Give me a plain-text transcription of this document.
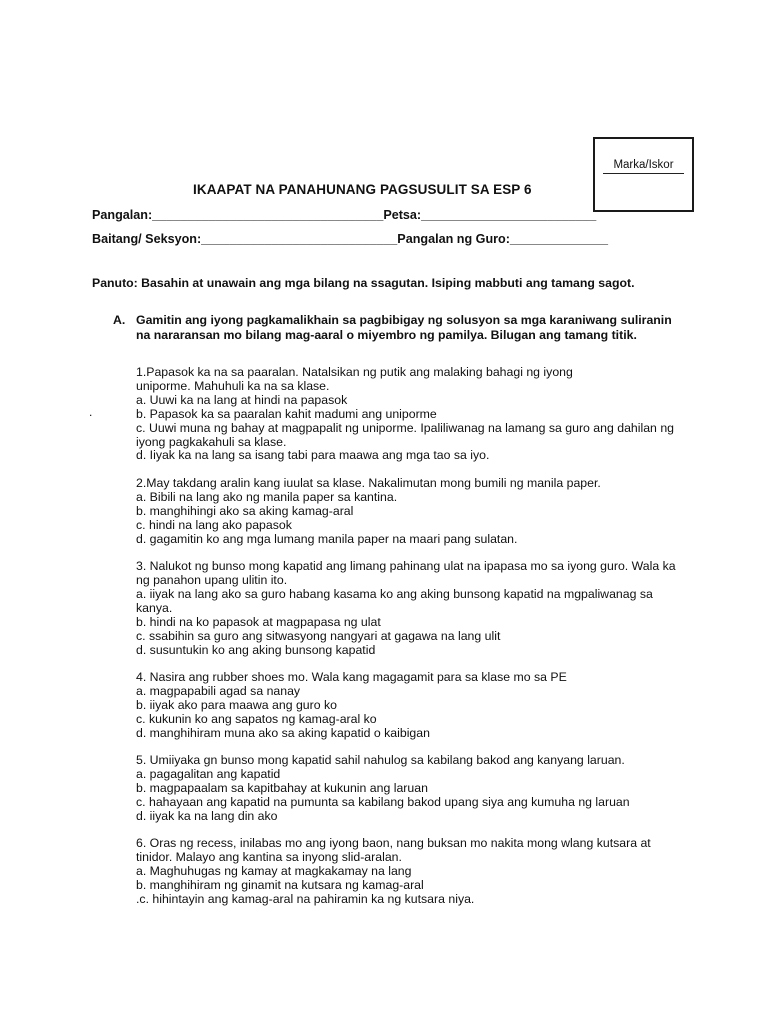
Marka/Iskor
IKAAPAT NA PANAHUNANG PAGSUSULIT SA ESP 6
Pangalan:_________________________________Petsa:_________________________
Baitang/ Seksyon:____________________________Pangalan ng Guro:______________
Panuto: Basahin at unawain ang mga bilang na ssagutan. Isiping mabbuti ang tamang sagot.
A. Gamitin ang iyong pagkamalikhain sa pagbibigay ng solusyon sa mga karaniwang suliranin na nararansan mo bilang mag-aaral o miyembro ng pamilya. Bilugan ang tamang titik.
.
1.Papasok ka na sa paaralan. Natalsikan ng putik ang malaking bahagi ng iyong
uniporme. Mahuhuli ka na sa klase.
a. Uuwi ka na lang at hindi na papasok
b. Papasok ka sa paaralan kahit madumi ang uniporme
c. Uuwi muna ng bahay at magpapalit ng uniporme. Ipaliliwanag na lamang sa guro ang dahilan ng iyong pagkakahuli sa klase.
d. Iiyak ka na lang sa isang tabi para maawa ang mga tao sa iyo.
2.May takdang aralin kang iuulat sa klase. Nakalimutan mong bumili ng manila paper.
a. Bibili na lang ako ng manila paper sa kantina.
b. manghihingi ako sa aking kamag-aral
c. hindi na lang ako papasok
d. gagamitin ko ang mga lumang manila paper na maari pang sulatan.
3. Nalukot ng bunso mong kapatid ang limang pahinang ulat na ipapasa mo sa iyong guro. Wala ka ng panahon upang ulitin ito.
a. iiyak na lang ako sa guro habang kasama ko ang aking bunsong kapatid na mgpaliwanag sa kanya.
b. hindi na ko papasok at magpapasa ng ulat
c. ssabihin sa guro ang sitwasyong nangyari at gagawa na lang ulit
d. susuntukin ko ang aking bunsong kapatid
4. Nasira ang rubber shoes mo. Wala kang magagamit para sa klase mo sa PE
a. magpapabili agad sa nanay
b. iiyak ako para maawa ang guro ko
c. kukunin ko ang sapatos ng kamag-aral ko
d. manghihiram muna ako sa aking kapatid o kaibigan
5. Umiiyaka gn bunso mong kapatid sahil nahulog sa kabilang bakod ang kanyang laruan.
a. pagagalitan ang kapatid
b. magpapaalam sa kapitbahay at kukunin ang laruan
c. hahayaan ang kapatid na pumunta sa kabilang bakod upang siya ang kumuha ng laruan
d. iiyak ka na lang din ako
6. Oras ng recess, inilabas mo ang iyong baon, nang buksan mo nakita mong wlang kutsara at tinidor. Malayo ang kantina sa inyong slid-aralan.
a. Maghuhugas ng kamay at magkakamay na lang
b. manghihiram ng ginamit na kutsara ng kamag-aral
.c. hihintayin ang kamag-aral na pahiramin ka ng kutsara niya.
